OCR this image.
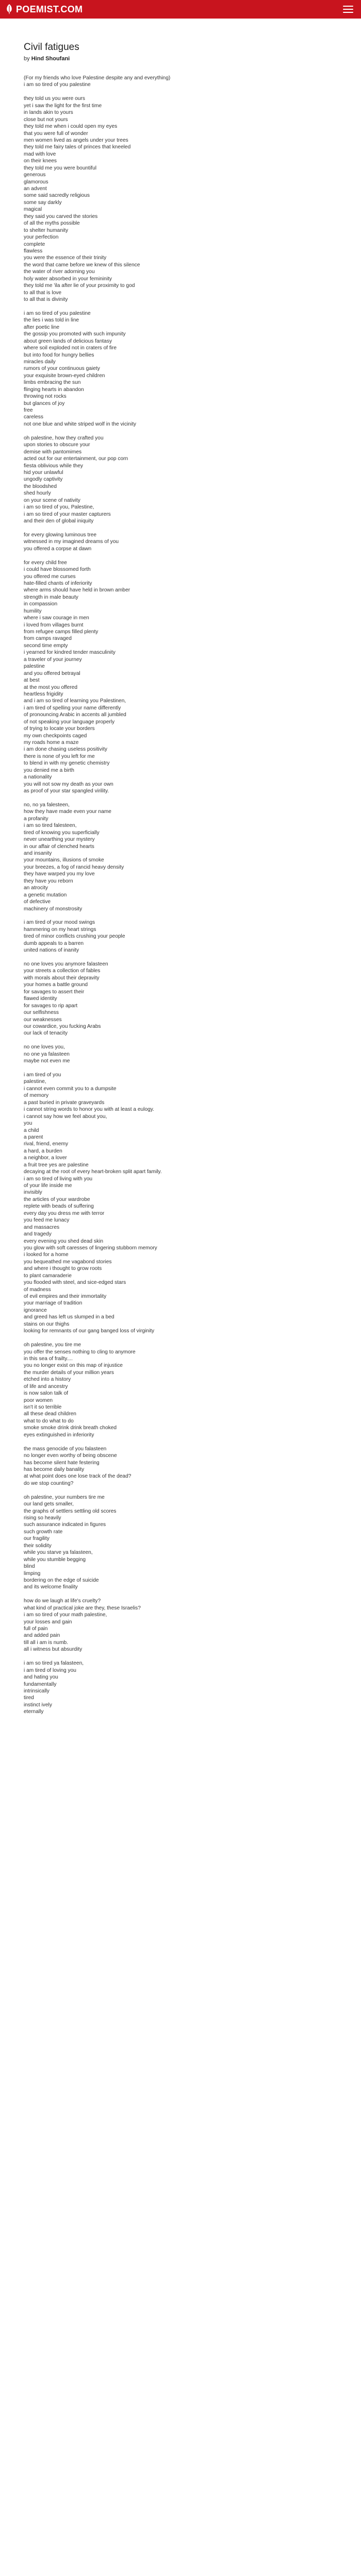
POEMIST.COM
Civil fatigues
by Hind Shoufani
(For my friends who love Palestine despite any and everything)
i am so tired of you palestine
they told us you were ours
yet i saw the light for the first time
in lands akin to yours
close but not yours
they told me when i could open my eyes
that you were full of wonder
men women lived as angels under your trees
they told me fairy tales of princes that kneeled
mad with love
on their knees
they told me you were bountiful
generous
glamorous
an advent
some said sacredly religious
some say darkly
magical
they said you carved the stories
of all the myths possible
to shelter humanity
your perfection
complete
flawless
you were the essence of their trinity
the word that came before we knew of this silence
the water of river adorning you
holy water absorbed in your femininity
they told me 'ila after lie of your proximity to god
to all that is love
to all that is divinity
i am so tired of you palestine
the lies i was told in line
after poetic line
the gossip you promoted with such impunity
about green lands of delicious fantasy
where soil exploded not in craters of fire
but into food for hungry bellies
miracles daily
rumors of your continuous gaiety
your exquisite brown-eyed children
limbs embracing the sun
flinging hearts in abandon
throwing not rocks
but glances of joy
free
careless
not one blue and white striped wolf in the vicinity
oh palestine, how they crafted you
upon stories to obscure your
demise with pantomimes
acted out for our entertainment, our pop corn
fiesta oblivious while they
hid your unlawful
ungodly captivity
the bloodshed
shed hourly
on your scene of nativity
i am so tired of you, Palestine,
i am so tired of your master capturers
and their den of global iniquity
for every glowing luminous tree
witnessed in my imagined dreams of you
you offered a corpse at dawn
for every child free
i could have blossomed forth
you offered me curses
hate-filled chants of inferiority
where arms should have held in brown amber
strength in male beauty
in compassion
humility
where i saw courage in men
i loved from villages burnt
from refugee camps filled plenty
from camps ravaged
second time empty
i yearned for kindred tender masculinity
a traveler of your journey
palestine
and you offered betrayal
at best
at the most you offered
heartless frigidity
and i am so tired of learning you Palestinen,
i am tired of spelling your name differently
of pronouncing Arabic in accents all jumbled
of not speaking your language properly
of trying to locate your borders
my own checkpoints caged
my roads home a maze
i am done chasing useless positivity
there is none of you left for me
to blend in with my genetic chemistry
you denied me a birth
a nationality
you will not sow my death as your own
as proof of your star spangled virility.
no, no ya falesteen,
how they have made even your name
a profanity
i am so tired falesteen,
tired of knowing you superficially
never unearthing your mystery
in our affair of clenched hearts
and insanity
your mountains, illusions of smoke
your breezes, a fog of rancid heavy density
they have warped you my love
they have you reborn
an atrocity
a genetic mutation
of defective
machinery of monstrosity
i am tired of your mood swings
hammering on my heart strings
tired of minor conflicts crushing your people
dumb appeals to a barren
united nations of inanity
no one loves you anymore falasteen
your streets a collection of fables
with morals about their depravity
your homes a battle ground
for savages to assert their
flawed identity
for savages to rip apart
our selfishness
our weaknesses
our cowardice, you fucking Arabs
our lack of tenacity
no one loves you,
no one ya falasteen
maybe not even me
i am tired of you
palestine,
i cannot even commit you to a dumpsite
of memory
a past buried in private graveyards
i cannot string words to honor you with at least a eulogy.
i cannot say how we feel about you,
you
a child
a parent
rival, friend, enemy
a hard, a burden
a neighbor, a lover
a fruit tree yes are palestine
decaying at the root of every heart-broken split apart family.
i am so tired of living with you
of your life inside me
invisibly
the articles of your wardrobe
replete with beads of suffering
every day you dress me with terror
you feed me lunacy
and massacres
and tragedy
every evening you shed dead skin
you glow with soft caresses of lingering stubborn memory
i looked for a home
you bequeathed me vagabond stories
and where i thought to grow roots
to plant camaraderie
you flooded with steel, and sice-edged stars
of madness
of evil empires and their immortality
your marriage of tradition
ignorance
and greed has left us slumped in a bed
stains on our thighs
looking for remnants of our gang banged loss of virginity
oh palestine, you tire me
you offer the senses nothing to cling to anymore
in this sea of frailty....
you no longer exist on this map of injustice
the murder details of your million years
etched into a history
of life and ancestry
is now salon talk of
poor women
isn't it so terrible
all these dead children
what to do what to do
smoke smoke drink drink breath choked
eyes extinguished in inferiority
the mass genocide of you falasteen
no longer even worthy of being obscene
has become silent hate festering
has become daily banality
at what point does one lose track of the dead?
do we stop counting?
oh palestine, your numbers tire me
our land gets smaller,
the graphs of settlers settling old scores
rising so heavily
such assurance indicated in figures
such growth rate
our fragility
their solidity
while you starve ya falasteen,
while you stumble begging
blind
limping
bordering on the edge of suicide
and its welcome finality
how do we laugh at life's cruelty?
what kind of practical joke are they, these Israelis?
i am so tired of your math palestine,
your losses and gain
full of pain
and added pain
till all i am is numb.
all i witness but absurdity
i am so tired ya falasteen,
i am tired of loving you
and hating you
fundamentally
intrinsically
tired
instinct ively
eternally
